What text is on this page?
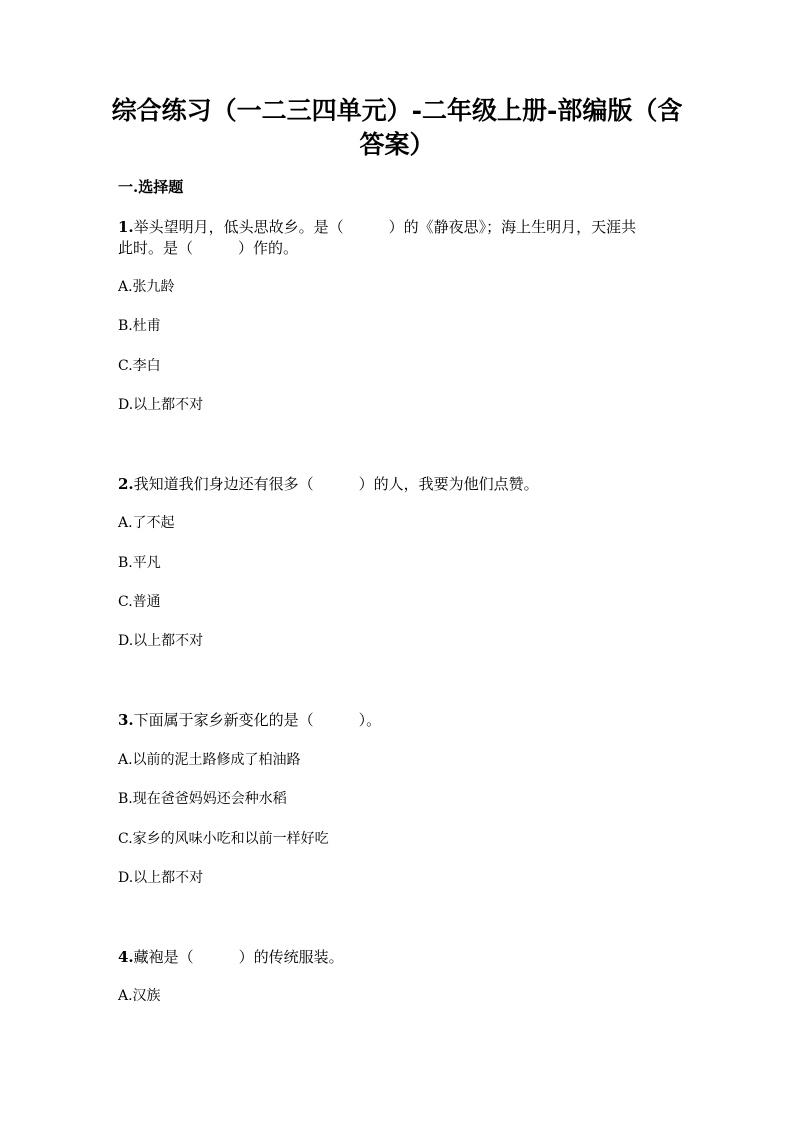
综合练习（一二三四单元）-二年级上册-部编版（含
答案）
一.选择题
1.举头望明月，低头思故乡。是（　　　）的《静夜思》；海上生明月，天涯共
此时。是（　　　）作的。
A.张九龄
B.杜甫
C.李白
D.以上都不对
2.我知道我们身边还有很多（　　　）的人，我要为他们点赞。
A.了不起
B.平凡
C.普通
D.以上都不对
3.下面属于家乡新变化的是（　　　）。
A.以前的泥土路修成了柏油路
B.现在爸爸妈妈还会种水稻
C.家乡的风味小吃和以前一样好吃
D.以上都不对
4.藏袍是（　　　）的传统服装。
A.汉族
